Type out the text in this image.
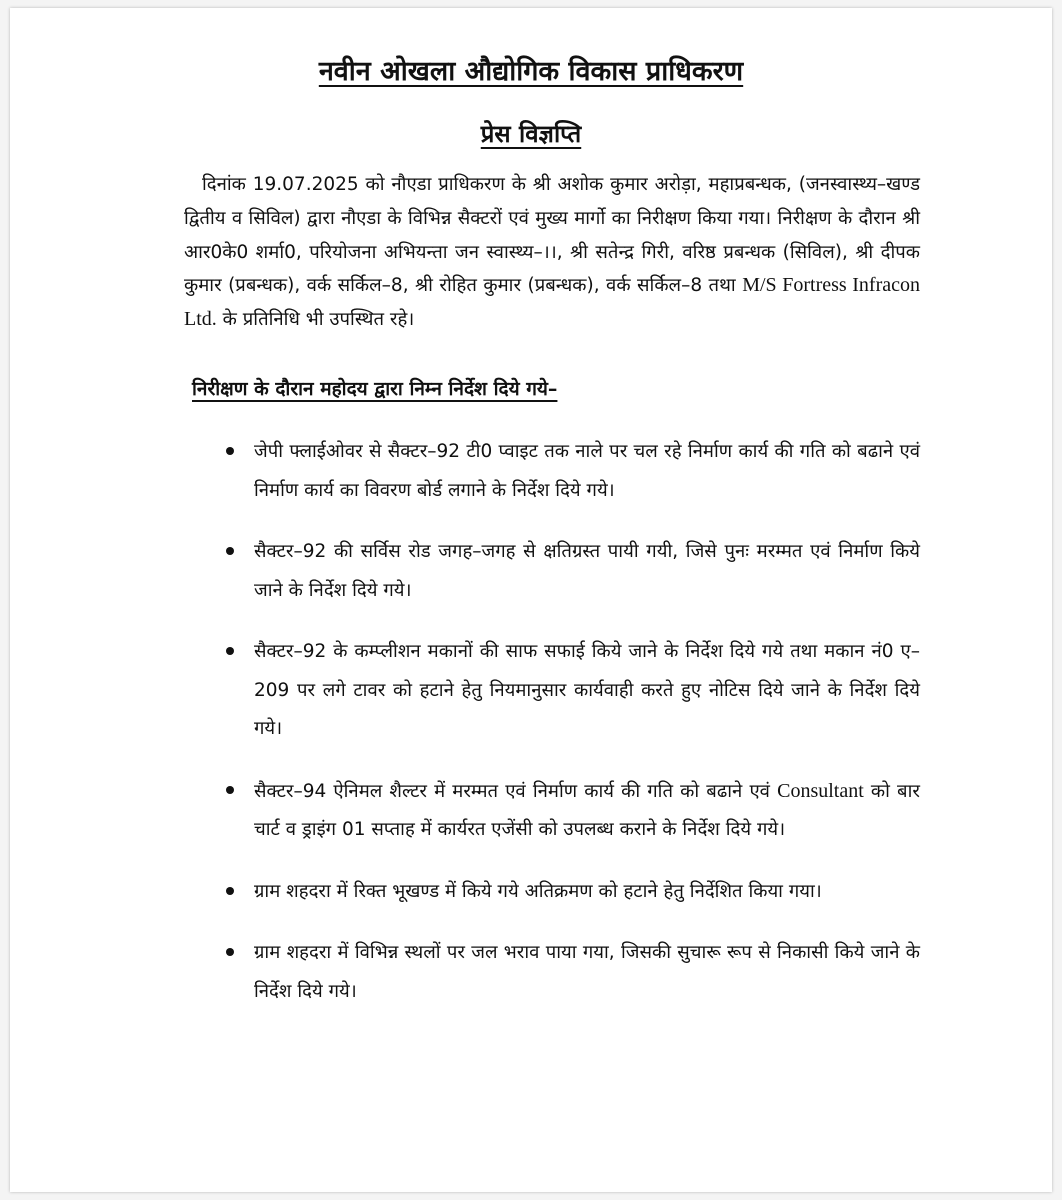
नवीन ओखला औद्योगिक विकास प्राधिकरण
प्रेस विज्ञप्ति

दिनांक 19.07.2025 को नौएडा प्राधिकरण के श्री अशोक कुमार अरोड़ा, महाप्रबन्धक, (जनस्वास्थ्य–खण्ड द्वितीय व सिविल) द्वारा नौएडा के विभिन्न सैक्टरों एवं मुख्य मार्गो का निरीक्षण किया गया। निरीक्षण के दौरान श्री आर0के0 शर्मा0, परियोजना अभियन्ता जन स्वास्थ्य–।।, श्री सतेन्द्र गिरी, वरिष्ठ प्रबन्धक (सिविल), श्री दीपक कुमार (प्रबन्धक), वर्क सर्किल–8, श्री रोहित कुमार (प्रबन्धक), वर्क सर्किल–8 तथा M/S Fortress Infracon Ltd. के प्रतिनिधि भी उपस्थित रहे।

निरीक्षण के दौरान महोदय द्वारा निम्न निर्देश दिये गये–
जेपी फ्लाईओवर से सैक्टर–92 टी0 प्वाइट तक नाले पर चल रहे निर्माण कार्य की गति को बढाने एवं निर्माण कार्य का विवरण बोर्ड लगाने के निर्देश दिये गये।
सैक्टर–92 की सर्विस रोड जगह–जगह से क्षतिग्रस्त पायी गयी, जिसे पुनः मरम्मत एवं निर्माण किये जाने के निर्देश दिये गये।
सैक्टर–92 के कम्प्लीशन मकानों की साफ सफाई किये जाने के निर्देश दिये गये तथा मकान नं0 ए–209 पर लगे टावर को हटाने हेतु नियमानुसार कार्यवाही करते हुए नोटिस दिये जाने के निर्देश दिये गये।
सैक्टर–94 ऐनिमल शैल्टर में मरम्मत एवं निर्माण कार्य की गति को बढाने एवं Consultant को बार चार्ट व ड्राइंग 01 सप्ताह में कार्यरत एजेंसी को उपलब्ध कराने के निर्देश दिये गये।
ग्राम शहदरा में रिक्त भूखण्ड में किये गये अतिक्रमण को हटाने हेतु निर्देशित किया गया।
ग्राम शहदरा में विभिन्न स्थलों पर जल भराव पाया गया, जिसकी सुचारू रूप से निकासी किये जाने के निर्देश दिये गये।
